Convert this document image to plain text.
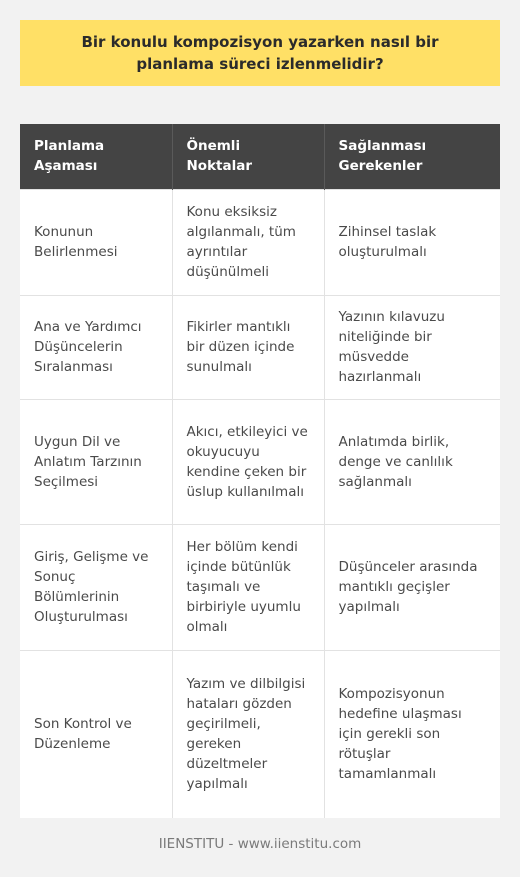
Bir konulu kompozisyon yazarken nasıl bir planlama süreci izlenmelidir?
Planlama Aşaması	Önemli Noktalar	Sağlanması Gerekenler
Konunun Belirlenmesi	Konu eksiksiz algılanmalı, tüm ayrıntılar düşünülmeli	Zihinsel taslak oluşturulmalı
Ana ve Yardımcı Düşüncelerin Sıralanması	Fikirler mantıklı bir düzen içinde sunulmalı	Yazının kılavuzu niteliğinde bir müsvedde hazırlanmalı
Uygun Dil ve Anlatım Tarzının Seçilmesi	Akıcı, etkileyici ve okuyucuyu kendine çeken bir üslup kullanılmalı	Anlatımda birlik, denge ve canlılık sağlanmalı
Giriş, Gelişme ve Sonuç Bölümlerinin Oluşturulması	Her bölüm kendi içinde bütünlük taşımalı ve birbiriyle uyumlu olmalı	Düşünceler arasında mantıklı geçişler yapılmalı
Son Kontrol ve Düzenleme	Yazım ve dilbilgisi hataları gözden geçirilmeli, gereken düzeltmeler yapılmalı	Kompozisyonun hedefine ulaşması için gerekli son rötuşlar tamamlanmalı
IIENSTITU - www.iienstitu.com
